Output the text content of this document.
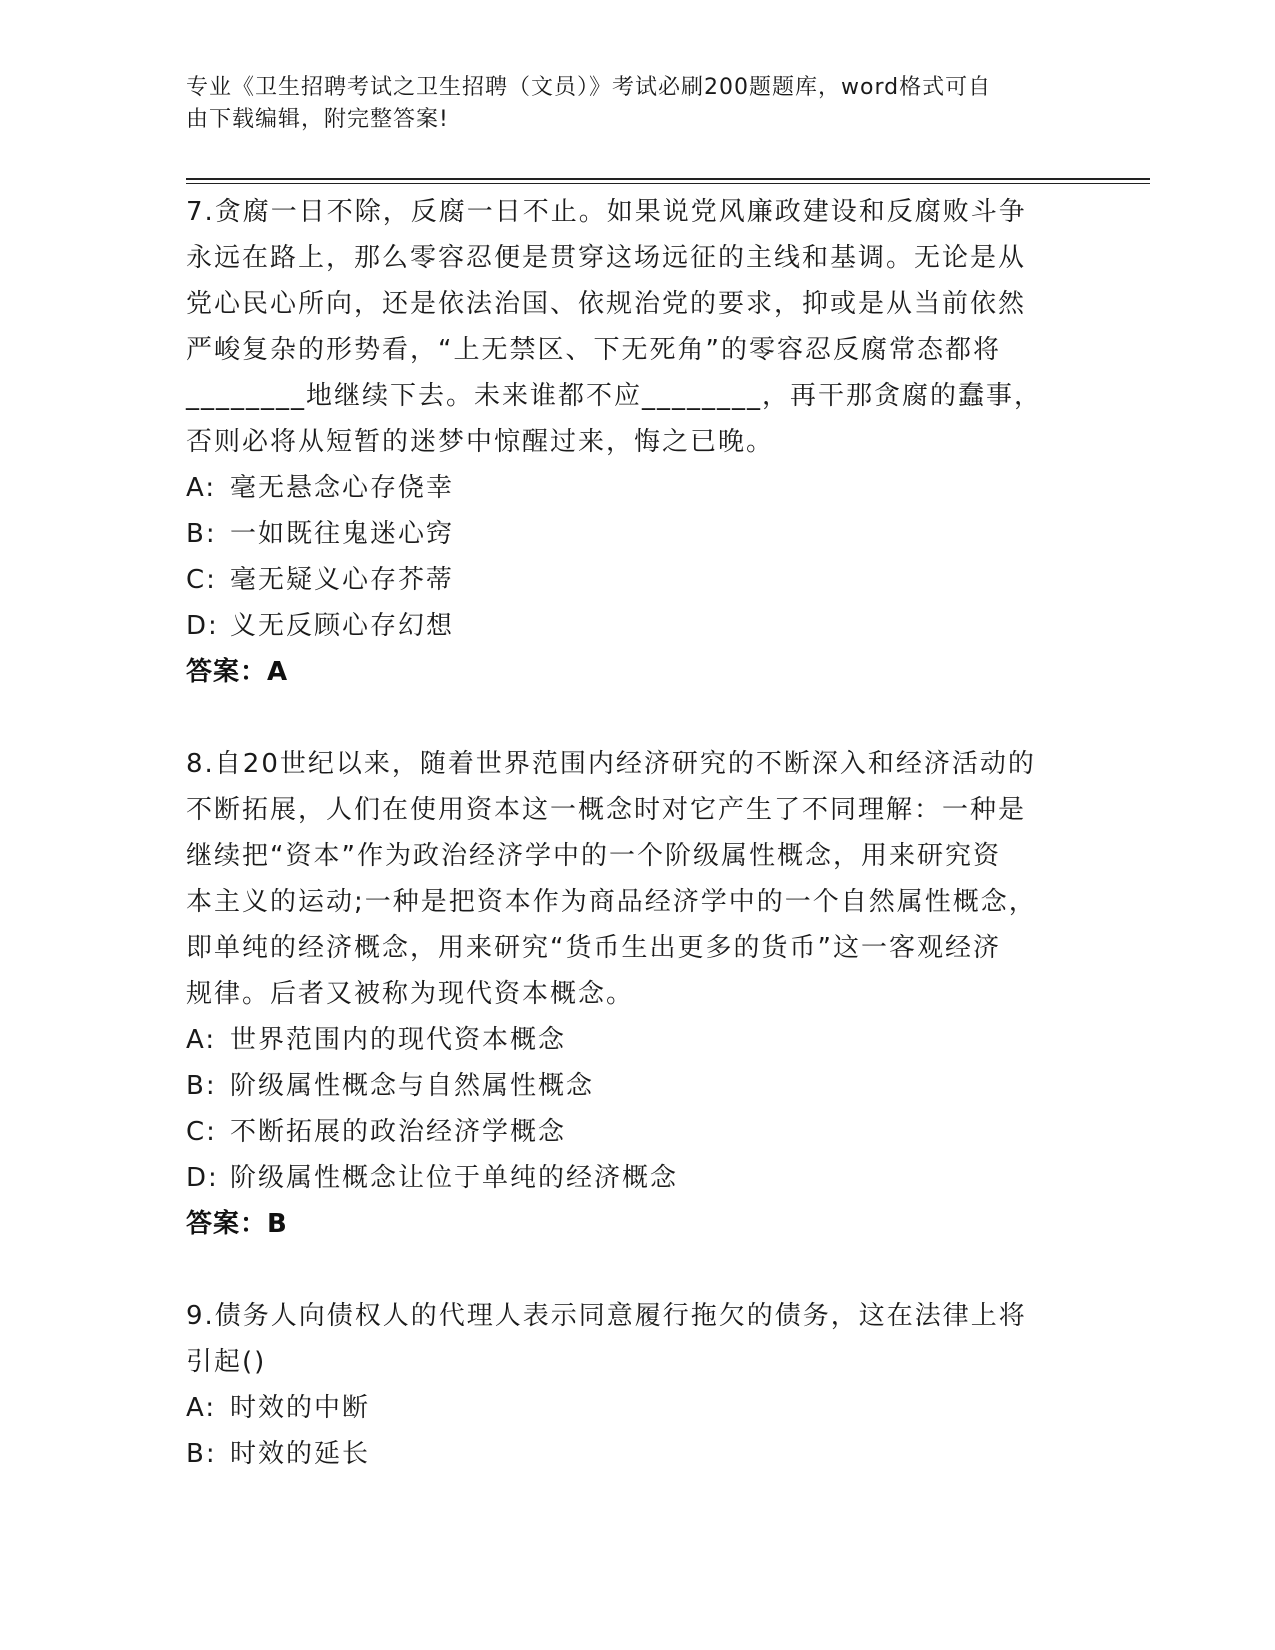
专业《卫生招聘考试之卫生招聘（文员）》考试必刷200题题库，word格式可自
由下载编辑，附完整答案!
7.贪腐一日不除，反腐一日不止。如果说党风廉政建设和反腐败斗争
永远在路上，那么零容忍便是贯穿这场远征的主线和基调。无论是从
党心民心所向，还是依法治国、依规治党的要求，抑或是从当前依然
严峻复杂的形势看，“上无禁区、下无死角”的零容忍反腐常态都将
________地继续下去。未来谁都不应________，再干那贪腐的蠢事，
否则必将从短暂的迷梦中惊醒过来，悔之已晚。
A: 毫无悬念心存侥幸
B: 一如既往鬼迷心窍
C: 毫无疑义心存芥蒂
D: 义无反顾心存幻想
答案：A
8.自20世纪以来，随着世界范围内经济研究的不断深入和经济活动的
不断拓展，人们在使用资本这一概念时对它产生了不同理解：一种是
继续把“资本”作为政治经济学中的一个阶级属性概念，用来研究资
本主义的运动;一种是把资本作为商品经济学中的一个自然属性概念，
即单纯的经济概念，用来研究“货币生出更多的货币”这一客观经济
规律。后者又被称为现代资本概念。
A: 世界范围内的现代资本概念
B: 阶级属性概念与自然属性概念
C: 不断拓展的政治经济学概念
D: 阶级属性概念让位于单纯的经济概念
答案：B
9.债务人向债权人的代理人表示同意履行拖欠的债务，这在法律上将
引起()
A: 时效的中断
B: 时效的延长
